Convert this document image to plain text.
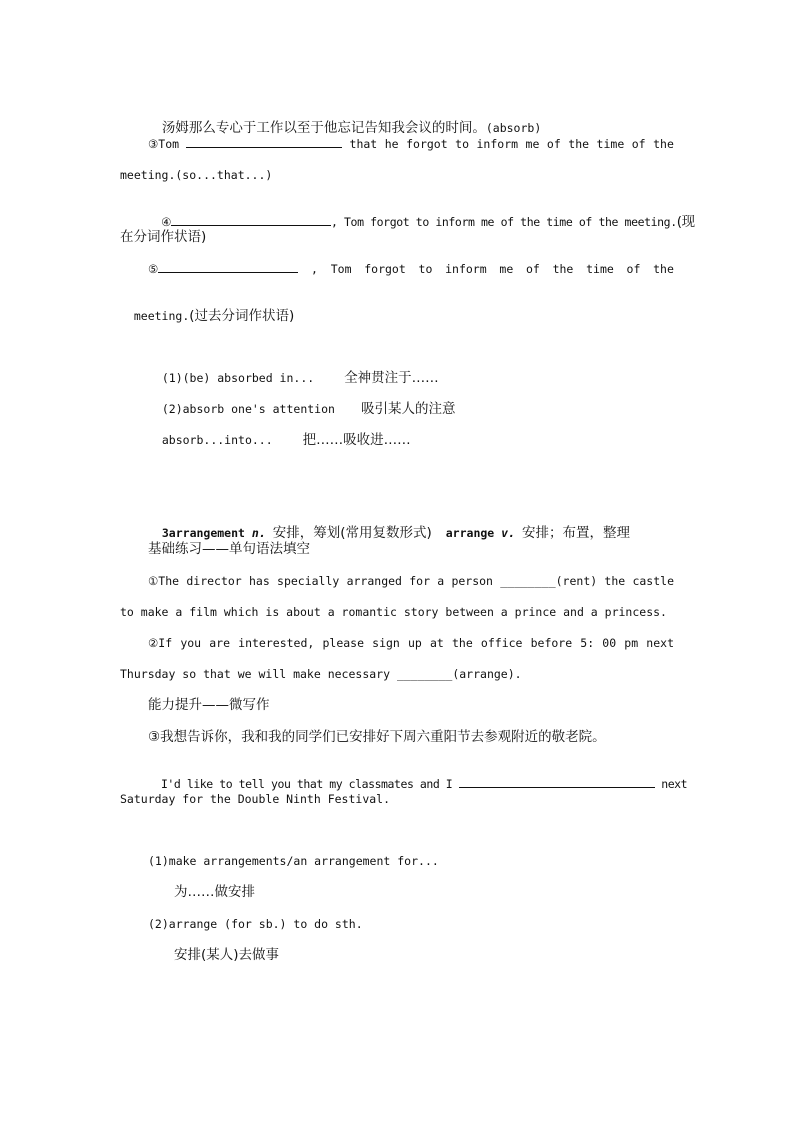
汤姆那么专心于工作以至于他忘记告知我会议的时间。(absorb)

③Tom	that he forgot to inform me of the time of the
meeting.(so...that...)

④	, Tom forgot to inform me of the time of the meeting.(现

在分词作状语)
⑤	, Tom forgot to inform me of the time of the

meeting.(过去分词作状语)

(1)(be) absorbed in... 全神贯注于……

(2)absorb one's attention 吸引某人的注意

absorb...into... 把……吸收进……

3arrangement n. 安排，筹划(常用复数形式) arrange v. 安排；布置，整理

基础练习——单句语法填空
①The director has specially arranged for a person ________(rent) the castle
to make a film which is about a romantic story between a prince and a princess.
②If you are interested, please sign up at the office before 5: 00 pm next
Thursday so that we will make necessary ________(arrange).
能力提升——微写作
③我想告诉你，我和我的同学们已安排好下周六重阳节去参观附近的敬老院。

I'd like to tell you that my classmates and I	next

Saturday for the Double Ninth Festival.
(1)make arrangements/an arrangement for...
为……做安排
(2)arrange (for sb.) to do sth.
安排(某人)去做事
